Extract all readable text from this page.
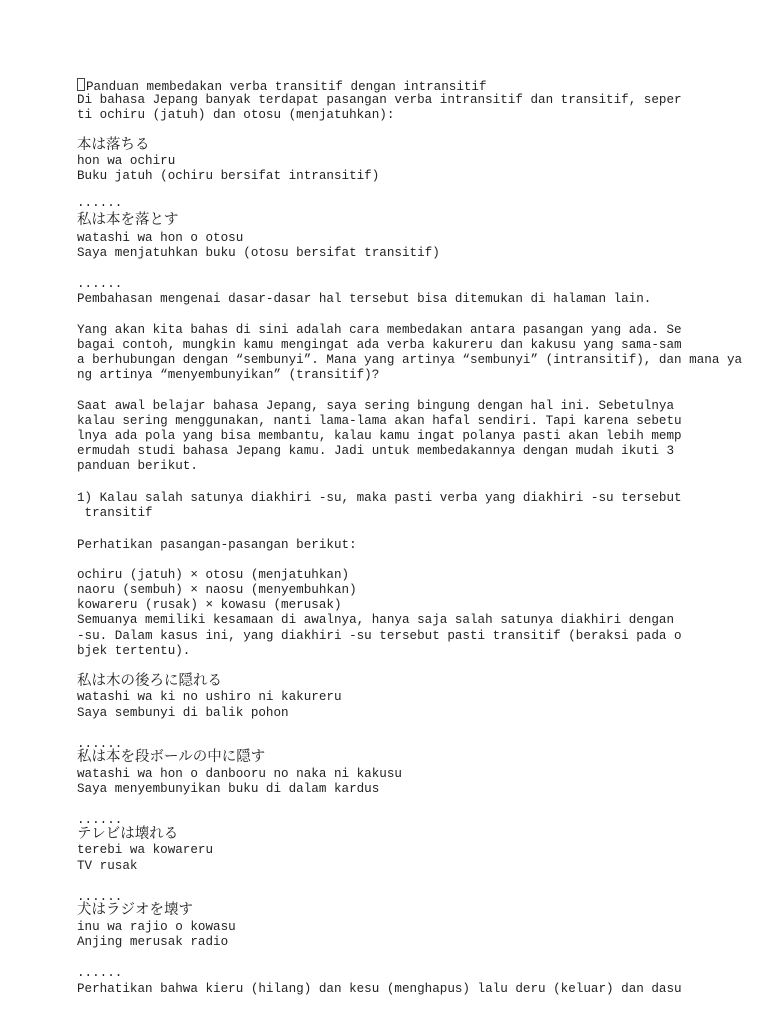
Panduan membedakan verba transitif dengan intransitif
Di bahasa Jepang banyak terdapat pasangan verba intransitif dan transitif, seper
ti ochiru (jatuh) dan otosu (menjatuhkan):
本は落ちる
hon wa ochiru
Buku jatuh (ochiru bersifat intransitif)
......
私は本を落とす
watashi wa hon o otosu
Saya menjatuhkan buku (otosu bersifat transitif)
......
Pembahasan mengenai dasar-dasar hal tersebut bisa ditemukan di halaman lain.
Yang akan kita bahas di sini adalah cara membedakan antara pasangan yang ada. Se
bagai contoh, mungkin kamu mengingat ada verba kakureru dan kakusu yang sama-sam
a berhubungan dengan “sembunyi”. Mana yang artinya “sembunyi” (intransitif), dan mana ya
ng artinya “menyembunyikan” (transitif)?
Saat awal belajar bahasa Jepang, saya sering bingung dengan hal ini. Sebetulnya
kalau sering menggunakan, nanti lama-lama akan hafal sendiri. Tapi karena sebetu
lnya ada pola yang bisa membantu, kalau kamu ingat polanya pasti akan lebih memp
ermudah studi bahasa Jepang kamu. Jadi untuk membedakannya dengan mudah ikuti 3
panduan berikut.
1) Kalau salah satunya diakhiri -su, maka pasti verba yang diakhiri -su tersebut
transitif
Perhatikan pasangan-pasangan berikut:
ochiru (jatuh) × otosu (menjatuhkan)
naoru (sembuh) × naosu (menyembuhkan)
kowareru (rusak) × kowasu (merusak)
Semuanya memiliki kesamaan di awalnya, hanya saja salah satunya diakhiri dengan
-su. Dalam kasus ini, yang diakhiri -su tersebut pasti transitif (beraksi pada o
bjek tertentu).
私は木の後ろに隠れる
watashi wa ki no ushiro ni kakureru
Saya sembunyi di balik pohon
......
私は本を段ボールの中に隠す
watashi wa hon o danbooru no naka ni kakusu
Saya menyembunyikan buku di dalam kardus
......
テレビは壊れる
terebi wa kowareru
TV rusak
......
犬はラジオを壊す
inu wa rajio o kowasu
Anjing merusak radio
......
Perhatikan bahwa kieru (hilang) dan kesu (menghapus) lalu deru (keluar) dan dasu
